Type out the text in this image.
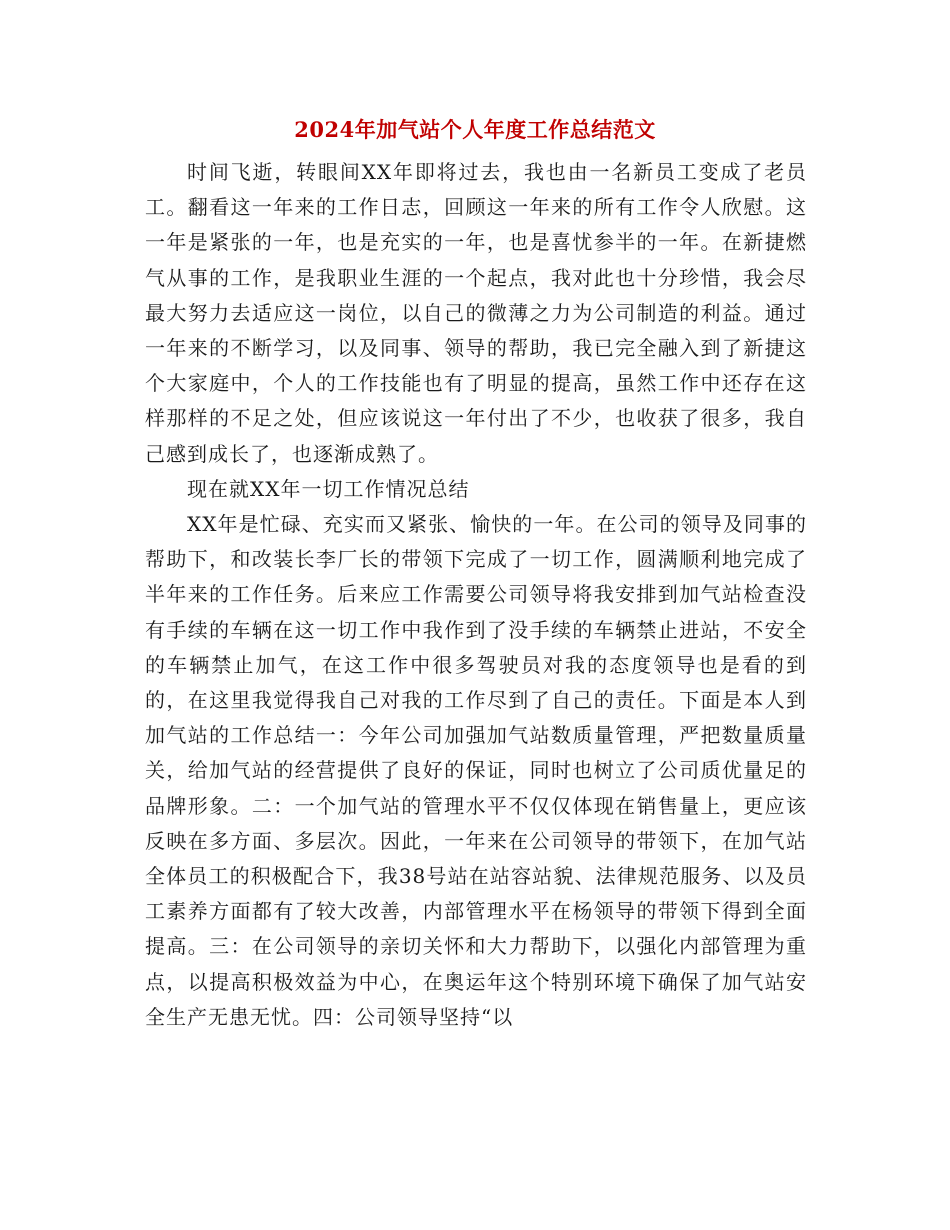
2024年加气站个人年度工作总结范文

时间飞逝，转眼间XX年即将过去，我也由一名新员工变成了老员工。翻看这一年来的工作日志，回顾这一年来的所有工作令人欣慰。这一年是紧张的一年，也是充实的一年，也是喜忧参半的一年。在新捷燃气从事的工作，是我职业生涯的一个起点，我对此也十分珍惜，我会尽最大努力去适应这一岗位，以自己的微薄之力为公司制造的利益。通过一年来的不断学习，以及同事、领导的帮助，我已完全融入到了新捷这个大家庭中，个人的工作技能也有了明显的提高，虽然工作中还存在这样那样的不足之处，但应该说这一年付出了不少，也收获了很多，我自己感到成长了，也逐渐成熟了。

现在就XX年一切工作情况总结

XX年是忙碌、充实而又紧张、愉快的一年。在公司的领导及同事的帮助下，和改装长李厂长的带领下完成了一切工作，圆满顺利地完成了半年来的工作任务。后来应工作需要公司领导将我安排到加气站检查没有手续的车辆在这一切工作中我作到了没手续的车辆禁止进站，不安全的车辆禁止加气，在这工作中很多驾驶员对我的态度领导也是看的到的，在这里我觉得我自己对我的工作尽到了自己的责任。下面是本人到加气站的工作总结一：今年公司加强加气站数质量管理，严把数量质量关，给加气站的经营提供了良好的保证，同时也树立了公司质优量足的品牌形象。二：一个加气站的管理水平不仅仅体现在销售量上，更应该反映在多方面、多层次。因此，一年来在公司领导的带领下，在加气站全体员工的积极配合下，我38号站在站容站貌、法律规范服务、以及员工素养方面都有了较大改善，内部管理水平在杨领导的带领下得到全面提高。三：在公司领导的亲切关怀和大力帮助下，以强化内部管理为重点，以提高积极效益为中心，在奥运年这个特别环境下确保了加气站安全生产无患无忧。四：公司领导坚持“以
